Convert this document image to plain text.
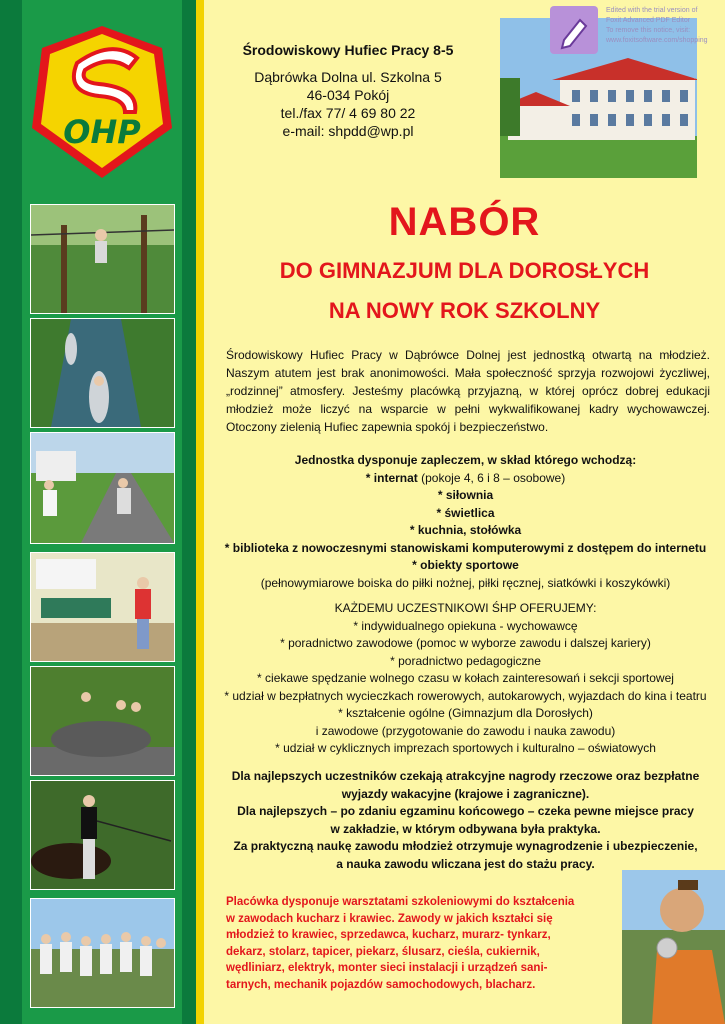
OHP
Środowiskowy Hufiec Pracy 8-5
Dąbrówka Dolna ul. Szkolna 5
46-034 Pokój
tel./fax 77/ 4 69 80 22
e-mail: shpdd@wp.pl
Edited with the trial version of
Foxit Advanced PDF Editor
To remove this notice, visit:
www.foxitsoftware.com/shopping
NABÓR
DO GIMNAZJUM DLA DOROSŁYCH
NA NOWY ROK SZKOLNY
Środowiskowy Hufiec Pracy w Dąbrówce Dolnej jest jednostką otwartą na młodzież. Naszym atutem jest brak anonimowości. Mała społeczność sprzyja rozwojowi życzliwej, „rodzinnej” atmosfery. Jesteśmy placówką przyjazną, w której oprócz dobrej edukacji młodzież może liczyć na wsparcie w pełni wykwalifikowanej kadry wychowawczej. Otoczony zielenią Hufiec zapewnia spokój i bezpieczeństwo.
Jednostka dysponuje zapleczem, w skład którego wchodzą:
* internat (pokoje 4, 6 i 8 – osobowe)
* siłownia
* świetlica
* kuchnia, stołówka
* biblioteka z nowoczesnymi stanowiskami komputerowymi z dostępem do internetu
* obiekty sportowe
(pełnowymiarowe boiska do piłki nożnej, piłki ręcznej, siatkówki i koszykówki)
KAŻDEMU UCZESTNIKOWI ŚHP OFERUJEMY:
* indywidualnego opiekuna - wychowawcę
* poradnictwo zawodowe (pomoc w wyborze zawodu i dalszej kariery)
* poradnictwo pedagogiczne
* ciekawe spędzanie wolnego czasu w kołach zainteresowań i sekcji sportowej
* udział w bezpłatnych wycieczkach rowerowych, autokarowych, wyjazdach do kina i teatru
* kształcenie ogólne (Gimnazjum dla Dorosłych)
i zawodowe (przygotowanie do zawodu i nauka zawodu)
* udział w cyklicznych imprezach sportowych i kulturalno – oświatowych
Dla najlepszych uczestników czekają atrakcyjne nagrody rzeczowe oraz bezpłatne
wyjazdy wakacyjne (krajowe i zagraniczne).
Dla najlepszych – po zdaniu egzaminu końcowego – czeka pewne miejsce pracy
w zakładzie, w którym odbywana była praktyka.
Za praktyczną naukę zawodu młodzież otrzymuje wynagrodzenie i ubezpieczenie,
a nauka zawodu wliczana jest do stażu pracy.
Placówka dysponuje warsztatami szkoleniowymi do kształcenia
w zawodach kucharz i krawiec. Zawody w jakich kształci się
młodzież to krawiec, sprzedawca, kucharz, murarz- tynkarz,
dekarz, stolarz, tapicer, piekarz, ślusarz, cieśla, cukiernik,
wędliniarz, elektryk, monter sieci instalacji i urządzeń sani-
tarnych, mechanik pojazdów samochodowych, blacharz.
